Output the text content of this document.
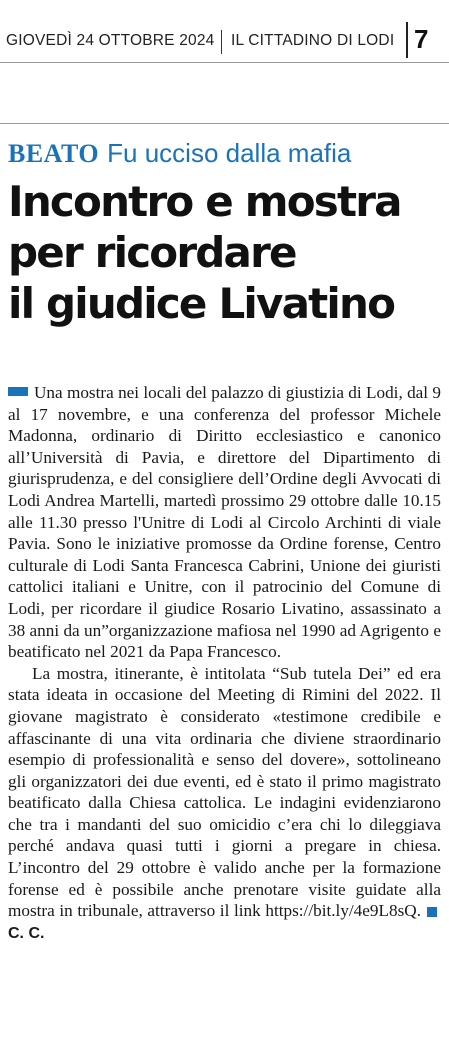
GIOVEDÌ 24 OTTOBRE 2024 IL CITTADINO DI LODI 7
BEATO Fu ucciso dalla mafia
Incontro e mostra
per ricordare
il giudice Livatino

Una mostra nei locali del palazzo di giustizia di Lodi, dal 9 al 17 novembre, e una conferenza del professor Michele Madonna, ordinario di Diritto ecclesiastico e canonico all’Università di Pavia, e direttore del Dipartimento di giurisprudenza, e del consigliere dell’Ordine degli Avvocati di Lodi Andrea Martelli, martedì prossimo 29 ottobre dalle 10.15 alle 11.30 presso l'Unitre di Lodi al Circolo Archinti di viale Pavia. Sono le iniziative promosse da Ordine forense, Centro culturale di Lodi Santa Francesca Cabrini, Unione dei giuristi cattolici italiani e Unitre, con il patrocinio del Comune di Lodi, per ricordare il giudice Rosario Livatino, assassinato a 38 anni da un”organizzazione mafiosa nel 1990 ad Agrigento e beatificato nel 2021 da Papa Francesco.

La mostra, itinerante, è intitolata “Sub tutela Dei” ed era stata ideata in occasione del Meeting di Rimini del 2022. Il giovane magistrato è considerato «testimone credibile e affascinante di una vita ordinaria che diviene straordinario esempio di professionalità e senso del dovere», sottolineano gli organizzatori dei due eventi, ed è stato il primo magistrato beatificato dalla Chiesa cattolica. Le indagini evidenziarono che tra i mandanti del suo omicidio c’era chi lo dileggiava perché andava quasi tutti i giorni a pregare in chiesa. L’incontro del 29 ottobre è valido anche per la formazione forense ed è possibile anche prenotare visite guidate alla mostra in tribunale, attraverso il link https://bit.ly/4e9L8sQ.C. C.
